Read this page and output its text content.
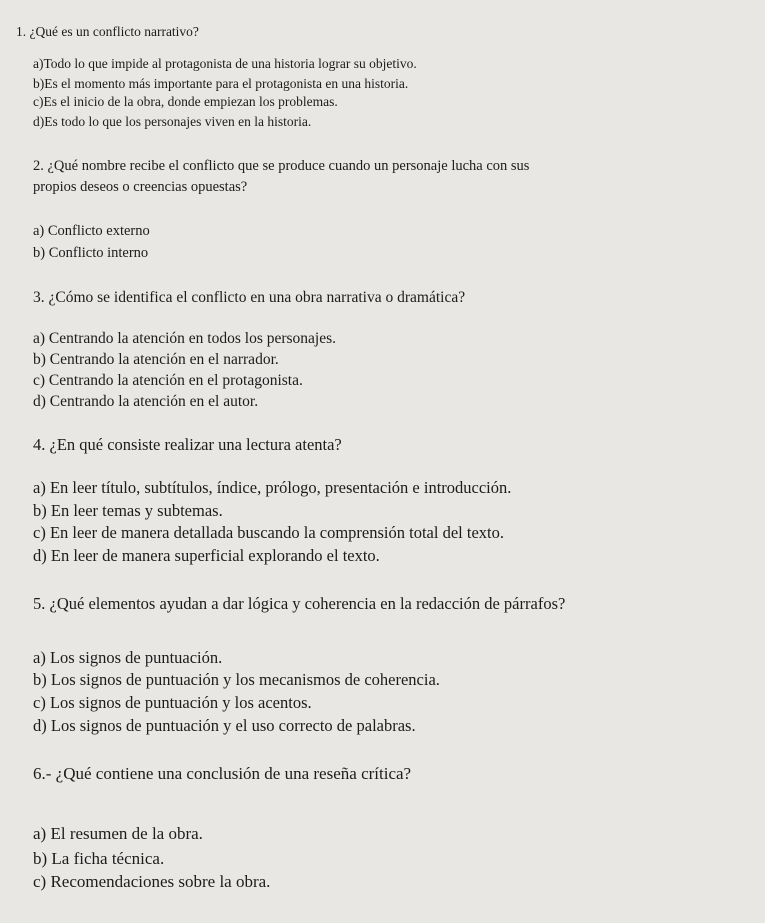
1. ¿Qué es un conflicto narrativo?
a)Todo lo que impide al protagonista de una historia lograr su objetivo.
b)Es el momento más importante para el protagonista en una historia.
c)Es el inicio de la obra, donde empiezan los problemas.
d)Es todo lo que los personajes viven en la historia.
2. ¿Qué nombre recibe el conflicto que se produce cuando un personaje lucha con sus
propios deseos o creencias opuestas?
a) Conflicto externo
b) Conflicto interno
3. ¿Cómo se identifica el conflicto en una obra narrativa o dramática?
a) Centrando la atención en todos los personajes.
b) Centrando la atención en el narrador.
c) Centrando la atención en el protagonista.
d) Centrando la atención en el autor.
4. ¿En qué consiste realizar una lectura atenta?
a) En leer título, subtítulos, índice, prólogo, presentación e introducción.
b) En leer temas y subtemas.
c) En leer de manera detallada buscando la comprensión total del texto.
d) En leer de manera superficial explorando el texto.
5. ¿Qué elementos ayudan a dar lógica y coherencia en la redacción de párrafos?
a) Los signos de puntuación.
b) Los signos de puntuación y los mecanismos de coherencia.
c) Los signos de puntuación y los acentos.
d) Los signos de puntuación y el uso correcto de palabras.
6.- ¿Qué contiene una conclusión de una reseña crítica?
a) El resumen de la obra.
b) La ficha técnica.
c) Recomendaciones sobre la obra.
